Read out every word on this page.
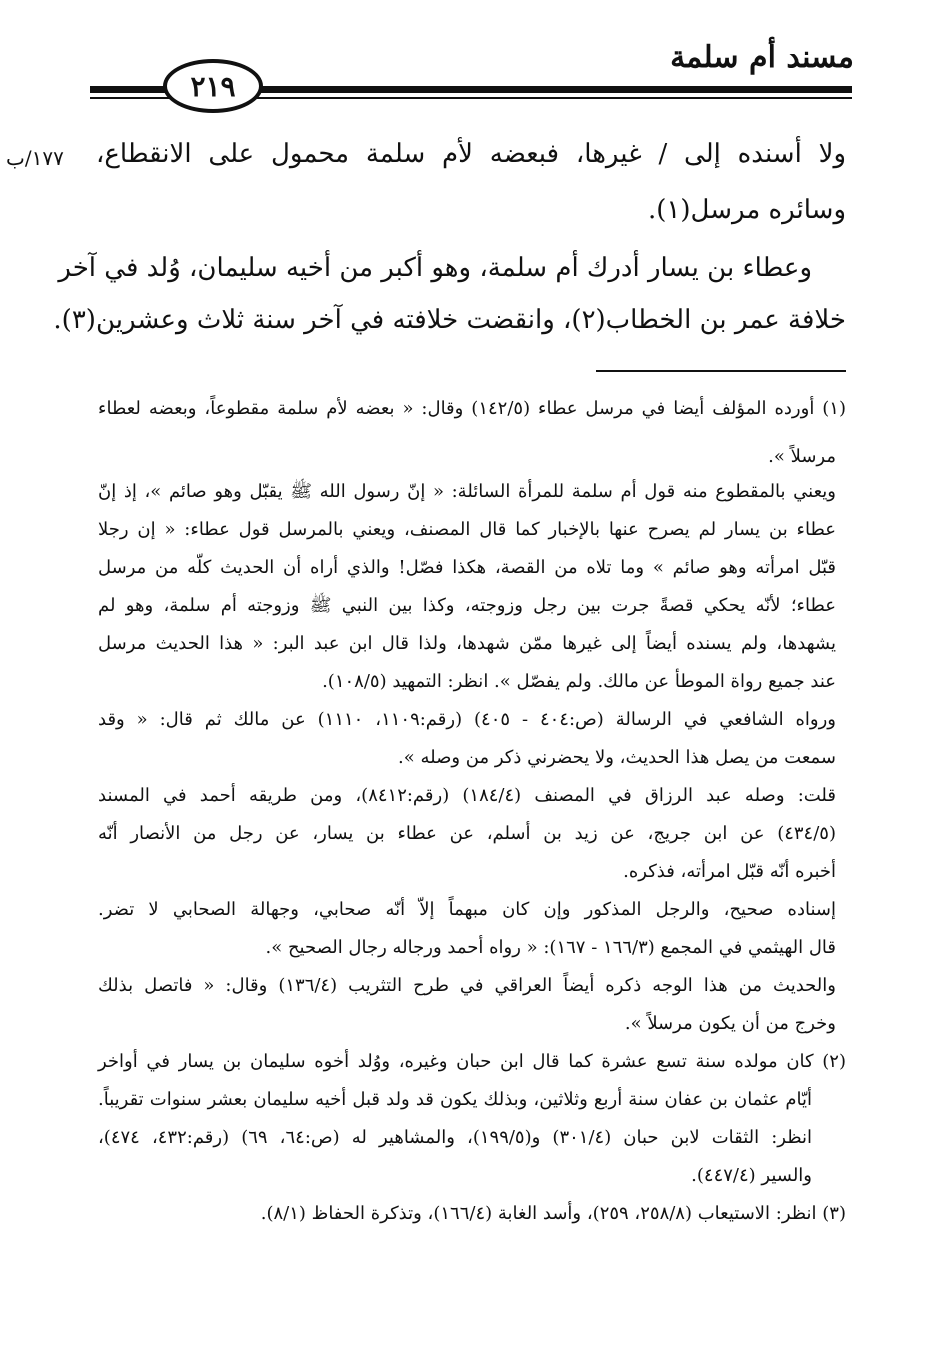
مسند أم سلمة
٢١٩
١٧٧/ب ولا أسنده إلى / غيرها، فبعضه لأم سلمة محمول على الانقطاع،
وسائره مرسل(١).
وعطاء بن يسار أدرك أم سلمة، وهو أكبر من أخيه سليمان، وُلد في آخر
خلافة عمر بن الخطاب(٢)، وانقضت خلافته في آخر سنة ثلاث وعشرين(٣).
(١) أورده المؤلف أيضا في مرسل عطاء (١٤٢/٥) وقال: « بعضه لأم سلمة مقطوعاً، وبعضه لعطاء
مرسلاً ».
ويعني بالمقطوع منه قول أم سلمة للمرأة السائلة: « إنّ رسول الله ﷺ يقبّل وهو صائم »، إذ إنّ
عطاء بن يسار لم يصرح عنها بالإخبار كما قال المصنف، ويعني بالمرسل قول عطاء: « إن رجلا
قبّل امرأته وهو صائم » وما تلاه من القصة، هكذا فصّل! والذي أراه أن الحديث كلّه من مرسل
عطاء؛ لأنّه يحكي قصةً جرت بين رجل وزوجته، وكذا بين النبي ﷺ وزوجته أم سلمة، وهو لم
يشهدها، ولم يسنده أيضاً إلى غيرها ممّن شهدها، ولذا قال ابن عبد البر: « هذا الحديث مرسل
عند جميع رواة الموطأ عن مالك. ولم يفصّل ». انظر: التمهيد (١٠٨/٥).
ورواه الشافعي في الرسالة (ص:٤٠٤ - ٤٠٥) (رقم:١١٠٩، ١١١٠) عن مالك ثم قال: « وقد
سمعت من يصل هذا الحديث، ولا يحضرني ذكر من وصله ».
قلت: وصله عبد الرزاق في المصنف (١٨٤/٤) (رقم:٨٤١٢)، ومن طريقه أحمد في المسند
(٤٣٤/٥) عن ابن جريج، عن زيد بن أسلم، عن عطاء بن يسار، عن رجل من الأنصار أنّه
أخبره أنّه قبّل امرأته، فذكره.
إسناده صحيح، والرجل المذكور وإن كان مبهماً إلاّ أنّه صحابي، وجهالة الصحابي لا تضر.
قال الهيثمي في المجمع (١٦٦/٣ - ١٦٧): « رواه أحمد ورجاله رجال الصحيح ».
والحديث من هذا الوجه ذكره أيضاً العراقي في طرح التثريب (١٣٦/٤) وقال: « فاتصل بذلك
وخرج من أن يكون مرسلاً ».
(٢) كان مولده سنة تسع عشرة كما قال ابن حبان وغيره، ووُلد أخوه سليمان بن يسار في أواخر
أيّام عثمان بن عفان سنة أربع وثلاثين، وبذلك يكون قد ولد قبل أخيه سليمان بعشر سنوات تقريباً.
انظر: الثقات لابن حبان (٣٠١/٤) و(١٩٩/٥)، والمشاهير له (ص:٦٤، ٦٩) (رقم:٤٣٢، ٤٧٤)،
والسير (٤٤٧/٤).
(٣) انظر: الاستيعاب (٢٥٨/٨، ٢٥٩)، وأسد الغابة (١٦٦/٤)، وتذكرة الحفاظ (٨/١).
